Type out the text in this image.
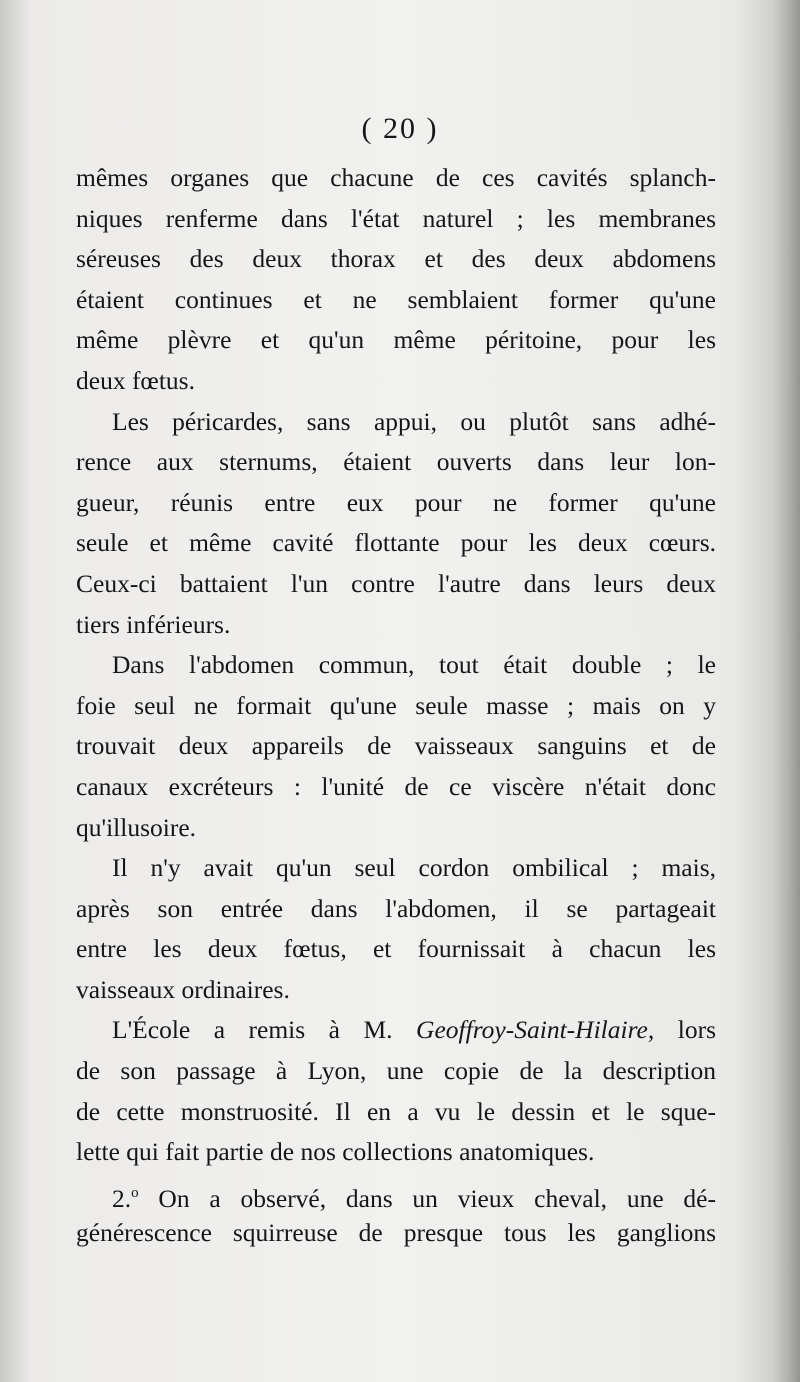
( 20 )
mêmes organes que chacune de ces cavités splanch-
niques renferme dans l'état naturel ; les membranes
séreuses des deux thorax et des deux abdomens
étaient continues et ne semblaient former qu'une
même plèvre et qu'un même péritoine, pour les
deux fœtus.
Les péricardes, sans appui, ou plutôt sans adhé-
rence aux sternums, étaient ouverts dans leur lon-
gueur, réunis entre eux pour ne former qu'une
seule et même cavité flottante pour les deux cœurs.
Ceux-ci battaient l'un contre l'autre dans leurs deux
tiers inférieurs.
Dans l'abdomen commun, tout était double ; le
foie seul ne formait qu'une seule masse ; mais on y
trouvait deux appareils de vaisseaux sanguins et de
canaux excréteurs : l'unité de ce viscère n'était donc
qu'illusoire.
Il n'y avait qu'un seul cordon ombilical ; mais,
après son entrée dans l'abdomen, il se partageait
entre les deux fœtus, et fournissait à chacun les
vaisseaux ordinaires.
L'École a remis à M. Geoffroy-Saint-Hilaire, lors
de son passage à Lyon, une copie de la description
de cette monstruosité. Il en a vu le dessin et le sque-
lette qui fait partie de nos collections anatomiques.
2.$^o$ On a observé, dans un vieux cheval, une dé-
générescence squirreuse de presque tous les ganglions
